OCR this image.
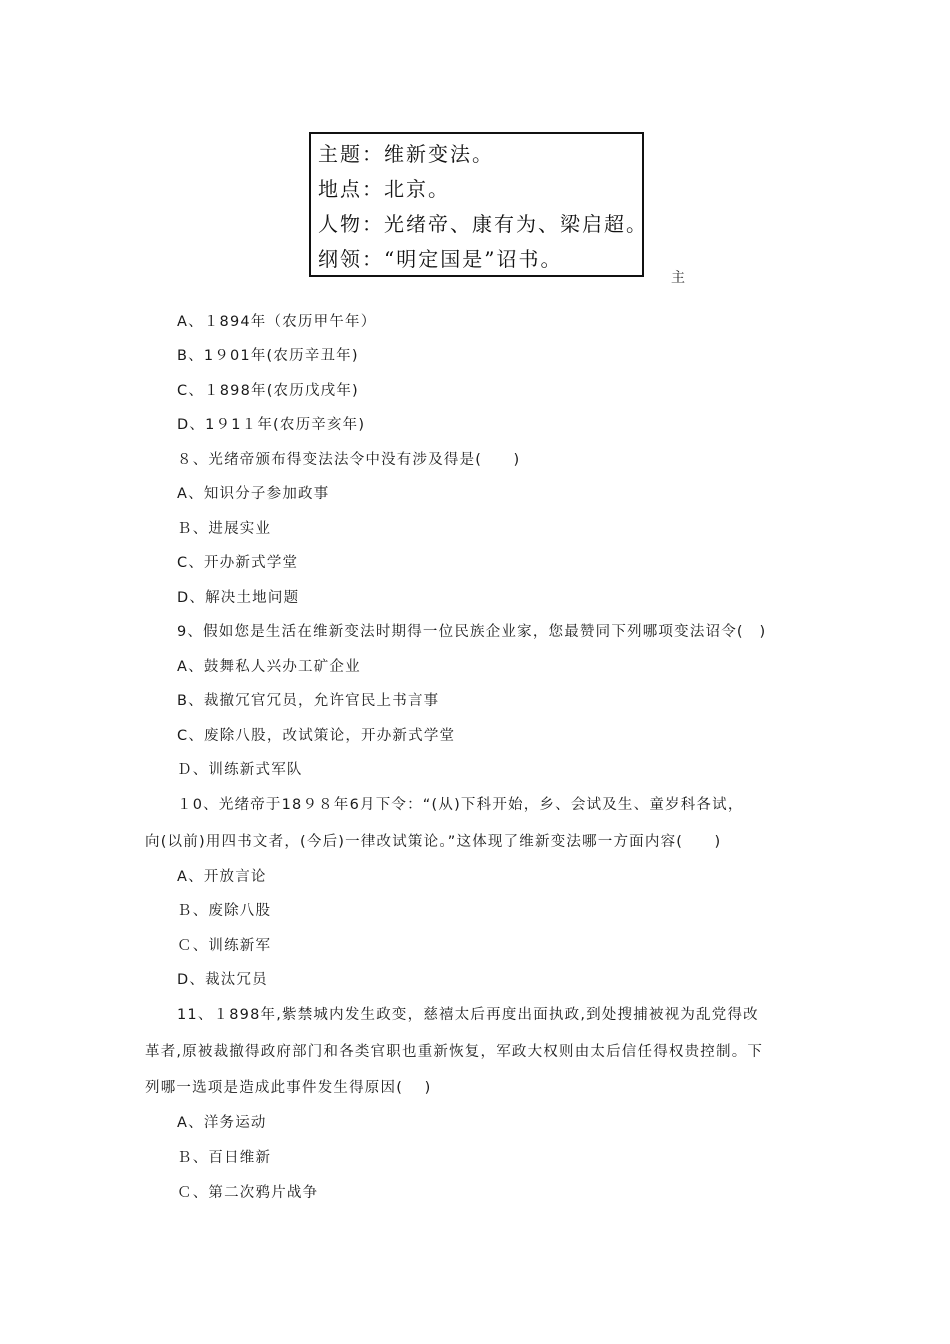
主题：维新变法。
地点：北京。
人物：光绪帝、康有为、梁启超。
纲领：“明定国是”诏书。
主
A、１894年（农历甲午年）
B、1９01年(农历辛丑年)
C、１898年(农历戊戌年)
D、1９1１年(农历辛亥年)
８、光绪帝颁布得变法法令中没有涉及得是(　　)
A、知识分子参加政事
Ｂ、进展实业
C、开办新式学堂
D、解决土地问题
9、假如您是生活在维新变法时期得一位民族企业家，您最赞同下列哪项变法诏令(　)
A、鼓舞私人兴办工矿企业
B、裁撤冗官冗员，允许官民上书言事
C、废除八股，改试策论，开办新式学堂
Ｄ、训练新式军队
１0、光绪帝于18９８年6月下令：“(从)下科开始，乡、会试及生、童岁科各试，
向(以前)用四书文者，(今后)一律改试策论。”这体现了维新变法哪一方面内容(　　)
A、开放言论
Ｂ、废除八股
Ｃ、训练新军
D、裁汰冗员
11、１898年,紫禁城内发生政变，慈禧太后再度出面执政,到处搜捕被视为乱党得改
革者,原被裁撤得政府部门和各类官职也重新恢复，军政大权则由太后信任得权贵控制。下
列哪一选项是造成此事件发生得原因(　 )
A、洋务运动
Ｂ、百日维新
Ｃ、第二次鸦片战争
